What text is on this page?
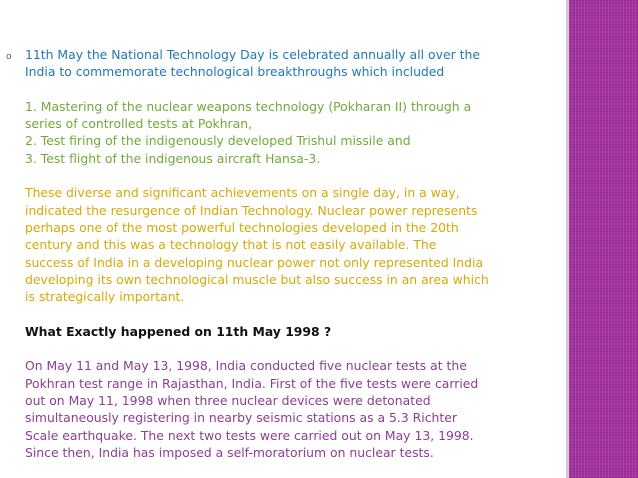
o 11th May the National Technology Day is celebrated annually all over the

India to commemorate technological breakthroughs which included

1. Mastering of the nuclear weapons technology (Pokharan II) through a

series of controlled tests at Pokhran,

2. Test firing of the indigenously developed Trishul missile and

3. Test flight of the indigenous aircraft Hansa-3.

These diverse and significant achievements on a single day, in a way,

indicated the resurgence of Indian Technology. Nuclear power represents

perhaps one of the most powerful technologies developed in the 20th

century and this was a technology that is not easily available. The

success of India in a developing nuclear power not only represented India

developing its own technological muscle but also success in an area which

is strategically important.

What Exactly happened on 11th May 1998 ?

On May 11 and May 13, 1998, India conducted five nuclear tests at the

Pokhran test range in Rajasthan, India. First of the five tests were carried

out on May 11, 1998 when three nuclear devices were detonated

simultaneously registering in nearby seismic stations as a 5.3 Richter

Scale earthquake. The next two tests were carried out on May 13, 1998.

Since then, India has imposed a self-moratorium on nuclear tests.
